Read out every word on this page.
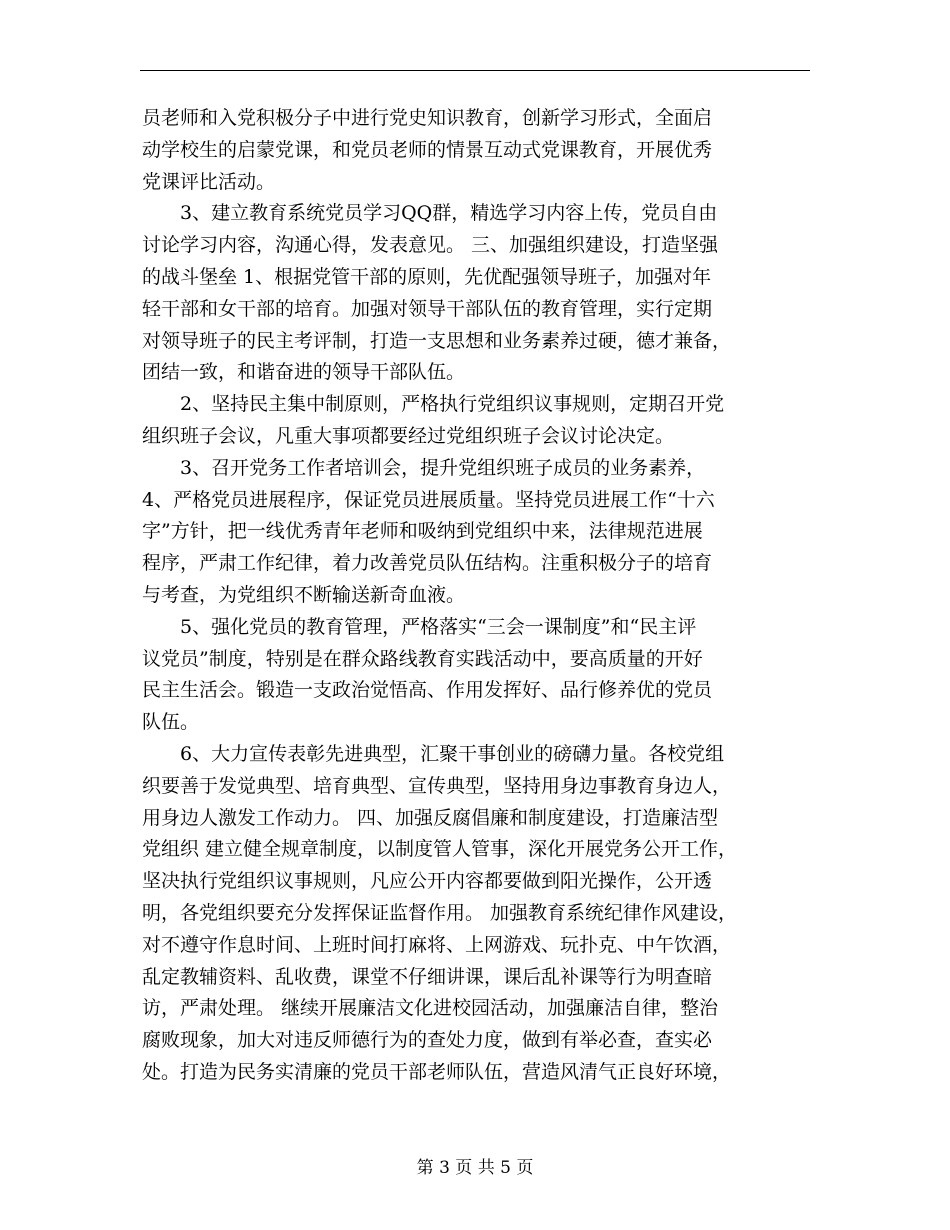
员老师和入党积极分子中进行党史知识教育，创新学习形式，全面启
动学校生的启蒙党课，和党员老师的情景互动式党课教育，开展优秀
党课评比活动。
　　3、建立教育系统党员学习QQ群，精选学习内容上传，党员自由
讨论学习内容，沟通心得，发表意见。 三、加强组织建设，打造坚强
的战斗堡垒 1、根据党管干部的原则，先优配强领导班子，加强对年
轻干部和女干部的培育。加强对领导干部队伍的教育管理，实行定期
对领导班子的民主考评制，打造一支思想和业务素养过硬，德才兼备，
团结一致，和谐奋进的领导干部队伍。
　　2、坚持民主集中制原则，严格执行党组织议事规则，定期召开党
组织班子会议，凡重大事项都要经过党组织班子会议讨论决定。
　　3、召开党务工作者培训会，提升党组织班子成员的业务素养，
4、严格党员进展程序，保证党员进展质量。坚持党员进展工作“十六
字”方针，把一线优秀青年老师和吸纳到党组织中来，法律规范进展
程序，严肃工作纪律，着力改善党员队伍结构。注重积极分子的培育
与考查，为党组织不断输送新奇血液。
　　5、强化党员的教育管理，严格落实“三会一课制度”和“民主评
议党员”制度，特别是在群众路线教育实践活动中，要高质量的开好
民主生活会。锻造一支政治觉悟高、作用发挥好、品行修养优的党员
队伍。
　　6、大力宣传表彰先进典型，汇聚干事创业的磅礴力量。各校党组
织要善于发觉典型、培育典型、宣传典型，坚持用身边事教育身边人，
用身边人激发工作动力。 四、加强反腐倡廉和制度建设，打造廉洁型
党组织 建立健全规章制度，以制度管人管事，深化开展党务公开工作，
坚决执行党组织议事规则，凡应公开内容都要做到阳光操作，公开透
明，各党组织要充分发挥保证监督作用。 加强教育系统纪律作风建设，
对不遵守作息时间、上班时间打麻将、上网游戏、玩扑克、中午饮酒，
乱定教辅资料、乱收费，课堂不仔细讲课，课后乱补课等行为明查暗
访，严肃处理。 继续开展廉洁文化进校园活动，加强廉洁自律，整治
腐败现象，加大对违反师德行为的查处力度，做到有举必查，查实必
处。打造为民务实清廉的党员干部老师队伍，营造风清气正良好环境，
第 3 页 共 5 页
